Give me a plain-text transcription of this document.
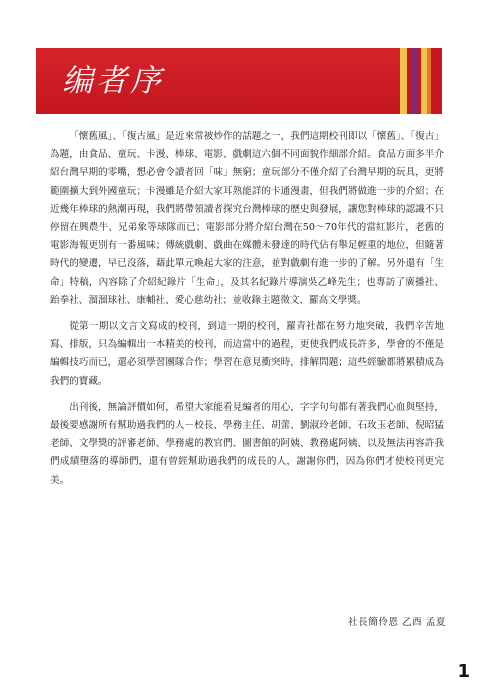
编者序

「懷舊風」、「復古風」是近來常被炒作的話題之一，我們這期校刊即以「懷舊」、「復古」為題，由食品、童玩、卡漫、棒球、電影、戲劇這六個不同面貌作細部介紹。食品方面多半介紹台灣早期的零嘴，想必會令讀者回「味」無窮；童玩部分不僅介紹了台灣早期的玩具，更將範圍擴大到外國童玩；卡漫雖是介紹大家耳熟能詳的卡通漫畫，但我們將做進一步的介紹；在近幾年棒球的熱潮再現，我們將帶領讀者探究台灣棒球的歷史與發展，讓您對棒球的認識不只停留在興農牛、兄弟象等球隊而已；電影部分將介紹台灣在50～70年代的當紅影片，老舊的電影海報更別有一番風味；傳統戲劇、戲曲在媒體未發達的時代佔有舉足輕重的地位，但隨著時代的變遷，早已沒落，藉此單元喚起大家的注意，並對戲劇有進一步的了解。另外還有「生命」特稿，內容除了介紹紀錄片「生命」，及其名紀錄片導演吳乙峰先生；也專訪了廣播社、跆拳社、溜溜球社、康輔社、愛心慈幼社；並收錄主題徵文、羅高文學獎。

從第一期以文言文寫成的校刊，到這一期的校刊，羅青社都在努力地突破，我們辛苦地寫、排版，只為編輯出一本精美的校刊，而這當中的過程，更使我們成長許多，學會的不僅是編輯技巧而已，還必須學習團隊合作；學習在意見衝突時，排解問題；這些經驗都將累積成為我們的寶藏。

出刊後，無論評價如何，希望大家能看見編者的用心，字字句句都有著我們心血與堅持，最後要感謝所有幫助過我們的人－校長、學務主任、胡蕾、劉淑玲老師、石玫玉老師、倪昭猛老師、文學獎的評審老師、學務處的教官們、圖書館的阿姨、教務處阿姨、以及無法再容許我們成績墮落的導師們，還有曾經幫助過我們的成長的人，謝謝你們，因為你們才使校刊更完美。

社長簡伶恩 乙酉 孟夏
1
